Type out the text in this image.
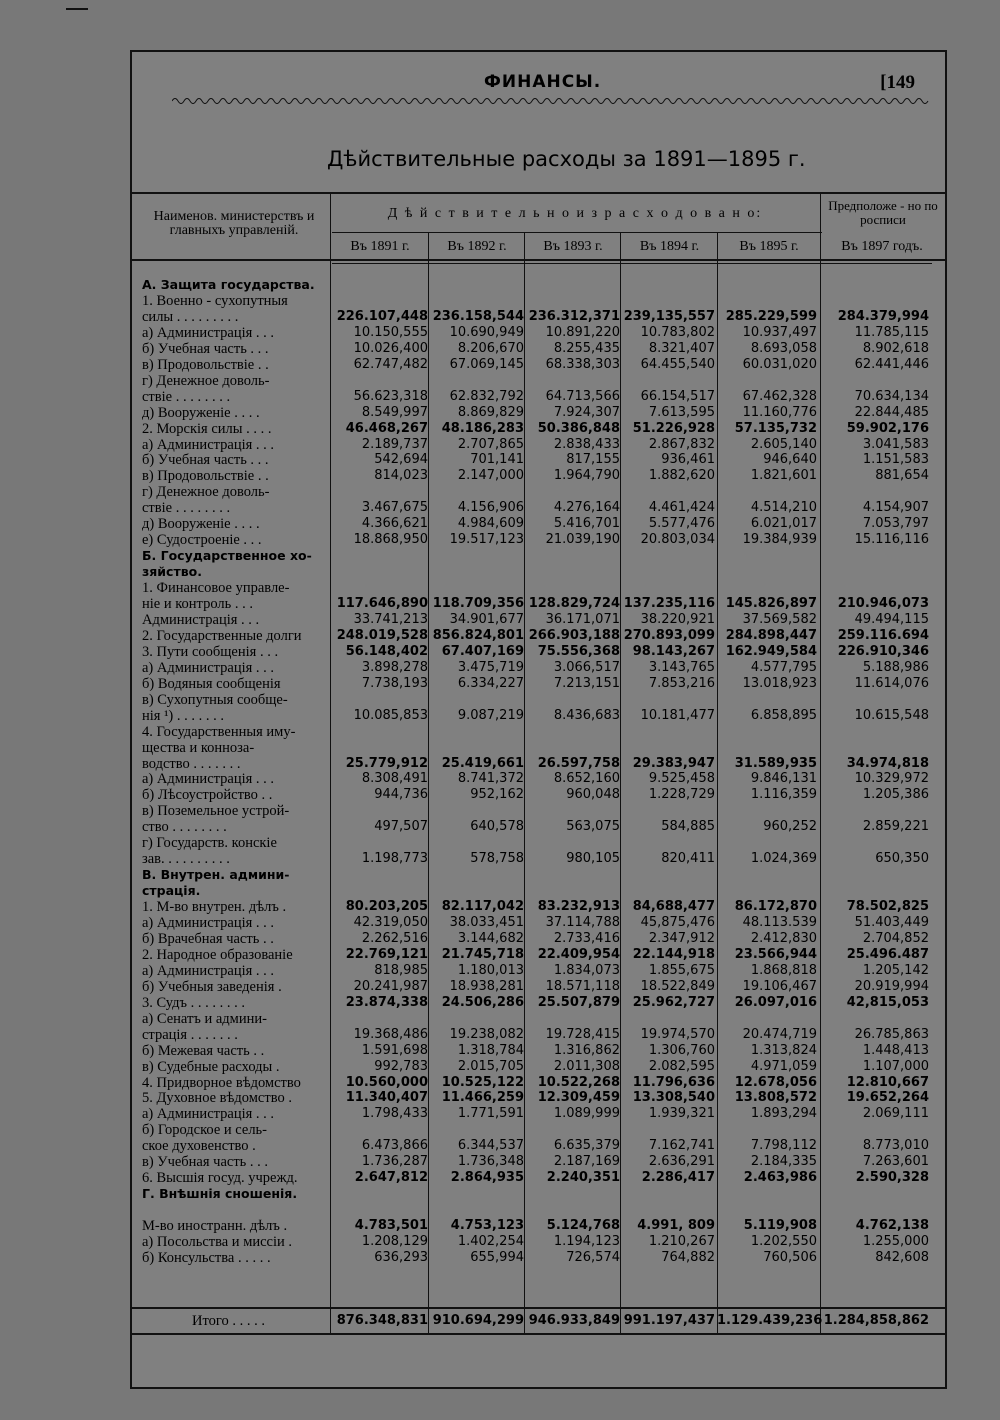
ФИНАНСЫ.	[149
Дѣйствительные расходы за 1891—1895 г.
Наименов. министерствъ и главныхъ управленій.
Д ѣ й с т в и т е л ь н о и з р а с х о д о в а н о:
Предположе - но по росписи
Въ 1891 г.	Въ 1892 г.	Въ 1893 г.	Въ 1894 г.	Въ 1895 г.	Въ 1897 годъ.
А. Защита государства.
1. Военно - сухопутныя
силы . . . . . . . . .	226.107,448 236.158,544 236.312,371 239,135,557 285.229,599	284.379,994
а) Администрація . . .	10.150,555	10.690,949	10.891,220	10.783,802	10.937,497	11.785,115
б) Учебная часть . . .	10.026,400	8.206,670	8.255,435	8.321,407	8.693,058	8.902,618
в) Продовольствіе . .	62.747,482	67.069,145	68.338,303	64.455,540	60.031,020	62.441,446
г) Денежное доволь-
ствіе . . . . . . . .	56.623,318	62.832,792	64.713,566	66.154,517	67.462,328	70.634,134
д) Вооруженіе . . . .	8.549,997	8.869,829	7.924,307	7.613,595	11.160,776	22.844,485
2. Морскія силы . . . .	46.468,267	48.186,283	50.386,848 51.226,928	57.135,732	59.902,176
а) Администрація . . .	2.189,737	2.707,865	2.838,433	2.867,832	2.605,140	3.041,583
б) Учебная часть . . .	542,694	701,141	817,155	936,461	946,640	1.151,583
в) Продовольствіе . .	814,023	2.147,000	1.964,790	1.882,620	1.821,601	881,654
г) Денежное доволь-
ствіе . . . . . . . .	3.467,675	4.156,906	4.276,164	4.461,424	4.514,210	4.154,907
д) Вооруженіе . . . .	4.366,621	4.984,609	5.416,701	5.577,476	6.021,017	7.053,797
е) Судостроеніе . . .	18.868,950	19.517,123	21.039,190	20.803,034	19.384,939	15.116,116
Б. Государственное хо-
зяйство.
1. Финансовое управле-
ніе и контроль . . .	117.646,890 118.709,356 128.829,724 137.235,116 145.826,897	210.946,073
Администрація . . .	33.741,213	34.901,677	36.171,071	38.220,921	37.569,582	49.494,115
2. Государственные долги	248.019,528 856.824,801 266.903,188 270.893,099 284.898,447	259.116.694
3. Пути сообщенія . . .	56.148,402	67.407,169	75.556,368 98.143,267 162.949,584	226.910,346
а) Администрація . . .	3.898,278	3.475,719	3.066,517	3.143,765	4.577,795	5.188,986
б) Водяныя сообщенія	7.738,193	6.334,227	7.213,151	7.853,216	13.018,923	11.614,076
в) Сухопутныя сообще-
нія ¹) . . . . . . .	10.085,853	9.087,219	8.436,683	10.181,477	6.858,895	10.615,548
4. Государственныя иму-
щества и коннoза-
водство . . . . . . .	25.779,912	25.419,661	26.597,758 29.383,947	31.589,935	34.974,818
а) Администрація . . .	8.308,491	8.741,372	8.652,160	9.525,458	9.846,131	10.329,972
б) Лѣсоустройство . .	944,736	952,162	960,048	1.228,729	1.116,359	1.205,386
в) Поземельное устрой-
ство . . . . . . . .	497,507	640,578	563,075	584,885	960,252	2.859,221
г) Государств. конскіе
зав. . . . . . . . . .	1.198,773	578,758	980,105	820,411	1.024,369	650,350
В. Внутрен. админи-
страція.
1. М-во внутрен. дѣлъ .	80.203,205	82.117,042	83.232,913 84,688,477	86.172,870	78.502,825
а) Администрація . . .	42.319,050	38.033,451	37.114,788	45,875,476	48.113.539	51.403,449
б) Врачебная часть . .	2.262,516	3.144,682	2.733,416	2.347,912	2.412,830	2.704,852
2. Народное образованіе	22.769,121	21.745,718	22.409,954 22.144,918	23.566,944	25.496.487
а) Администрація . . .	818,985	1.180,013	1.834,073	1.855,675	1.868,818	1.205,142
б) Учебныя заведенія .	20.241,987	18.938,281	18.571,118	18.522,849	19.106,467	20.919,994
3. Судъ . . . . . . . .	23.874,338	24.506,286	25.507,879 25.962,727	26.097,016	42,815,053
а) Сенатъ и админи-
страція . . . . . . .	19.368,486	19.238,082	19.728,415	19.974,570	20.474,719	26.785,863
б) Межевая часть . .	1.591,698	1.318,784	1.316,862	1.306,760	1.313,824	1.448,413
в) Судебные расходы .	992,783	2.015,705	2.011,308	2.082,595	4.971,059	1.107,000
4. Придворное вѣдомство	10.560,000	10.525,122	10.522,268 11.796,636	12.678,056	12.810,667
5. Духовное вѣдомство .	11.340,407	11.466,259	12.309,459 13.308,540	13.808,572	19.652,264
а) Администрація . . .	1.798,433	1.771,591	1.089,999	1.939,321	1.893,294	2.069,111
б) Городское и сель-
ское духовенство .	6.473,866	6.344,537	6.635,379	7.162,741	7.798,112	8.773,010
в) Учебная часть . . .	1.736,287	1.736,348	2.187,169	2.636,291	2.184,335	7.263,601
6. Высшія госуд. учрежд.	2.647,812	2.864,935	2.240,351	2.286,417	2.463,986	2.590,328
Г. Внѣшнія сношенія.
М-во иностранн. дѣлъ .	4.783,501	4.753,123	5.124,768	4.991, 809	5.119,908	4.762,138
а) Посольства и миссіи .	1.208,129	1.402,254	1.194,123	1.210,267	1.202,550	1.255,000
б) Консульства . . . . .	636,293	655,994	726,574	764,882	760,506	842,608
Итого . . . . .	876.348,831 910.694,299 946.933,849 991.197,437 1.129.439,236 1.284,858,862
